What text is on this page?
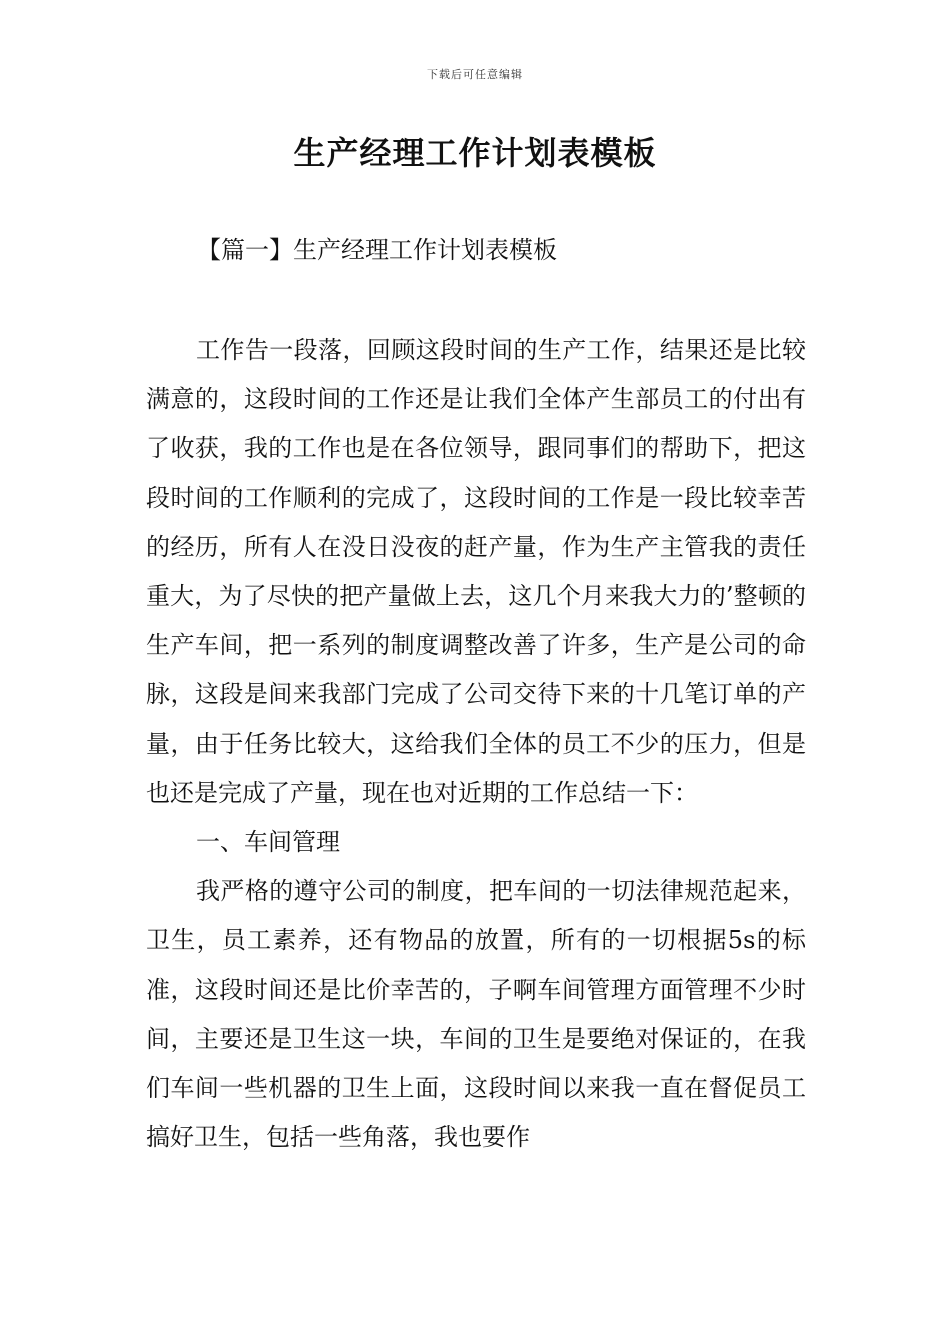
下载后可任意编辑
生产经理工作计划表模板
【篇一】生产经理工作计划表模板

工作告一段落，回顾这段时间的生产工作，结果还是比较满意的，这段时间的工作还是让我们全体产生部员工的付出有了收获，我的工作也是在各位领导，跟同事们的帮助下，把这段时间的工作顺利的完成了，这段时间的工作是一段比较幸苦的经历，所有人在没日没夜的赶产量，作为生产主管我的责任重大，为了尽快的把产量做上去，这几个月来我大力的’整顿的生产车间，把一系列的制度调整改善了许多，生产是公司的命脉，这段是间来我部门完成了公司交待下来的十几笔订单的产量，由于任务比较大，这给我们全体的员工不少的压力，但是也还是完成了产量，现在也对近期的工作总结一下：

一、车间管理

我严格的遵守公司的制度，把车间的一切法律规范起来，卫生，员工素养，还有物品的放置，所有的一切根据5s的标准，这段时间还是比价幸苦的，子啊车间管理方面管理不少时间，主要还是卫生这一块，车间的卫生是要绝对保证的，在我们车间一些机器的卫生上面，这段时间以来我一直在督促员工搞好卫生，包括一些角落，我也要作
